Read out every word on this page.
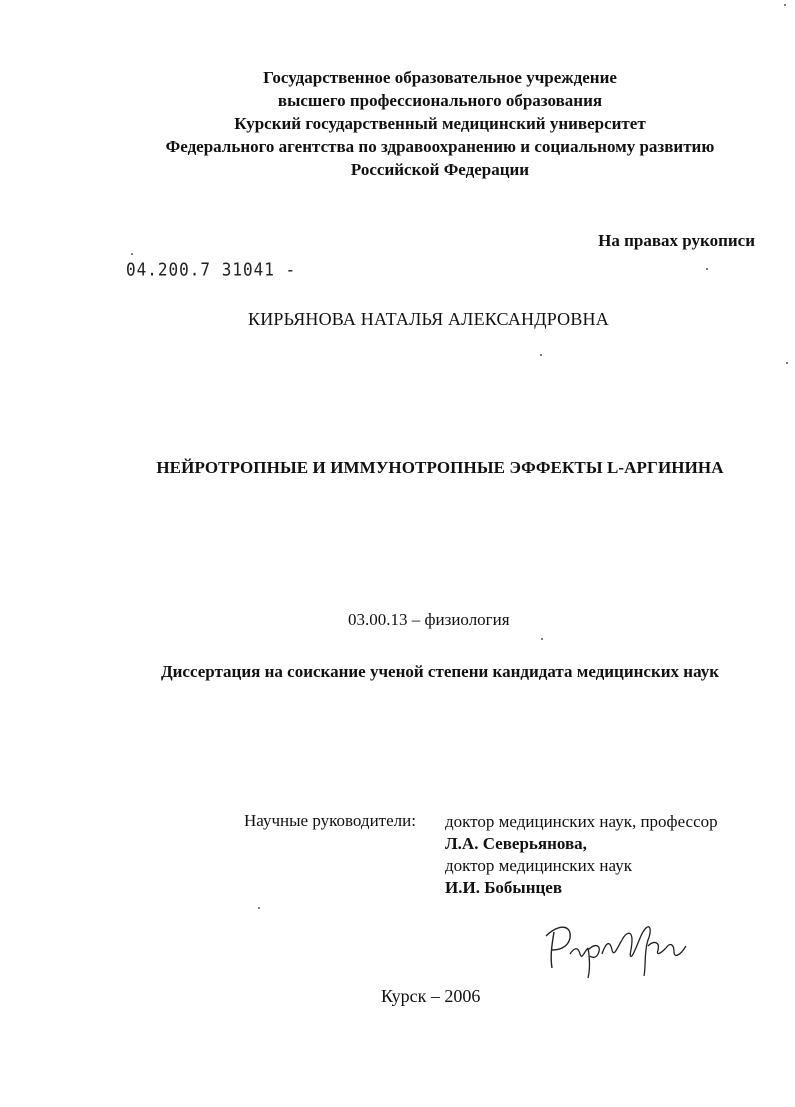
Государственное образовательное учреждение
высшего профессионального образования
Курский государственный медицинский университет
Федерального агентства по здравоохранению и социальному развитию
Российской Федерации
На правах рукописи
04.200.7 31041 -
КИРЬЯНОВА НАТАЛЬЯ АЛЕКСАНДРОВНА
НЕЙРОТРОПНЫЕ И ИММУНОТРОПНЫЕ ЭФФЕКТЫ L-АРГИНИНА
03.00.13 – физиология
Диссертация на соискание ученой степени кандидата медицинских наук
Научные руководители: доктор медицинских наук, профессор
Л.А. Северьянова,
доктор медицинских наук
И.И. Бобынцев
Курск – 2006
